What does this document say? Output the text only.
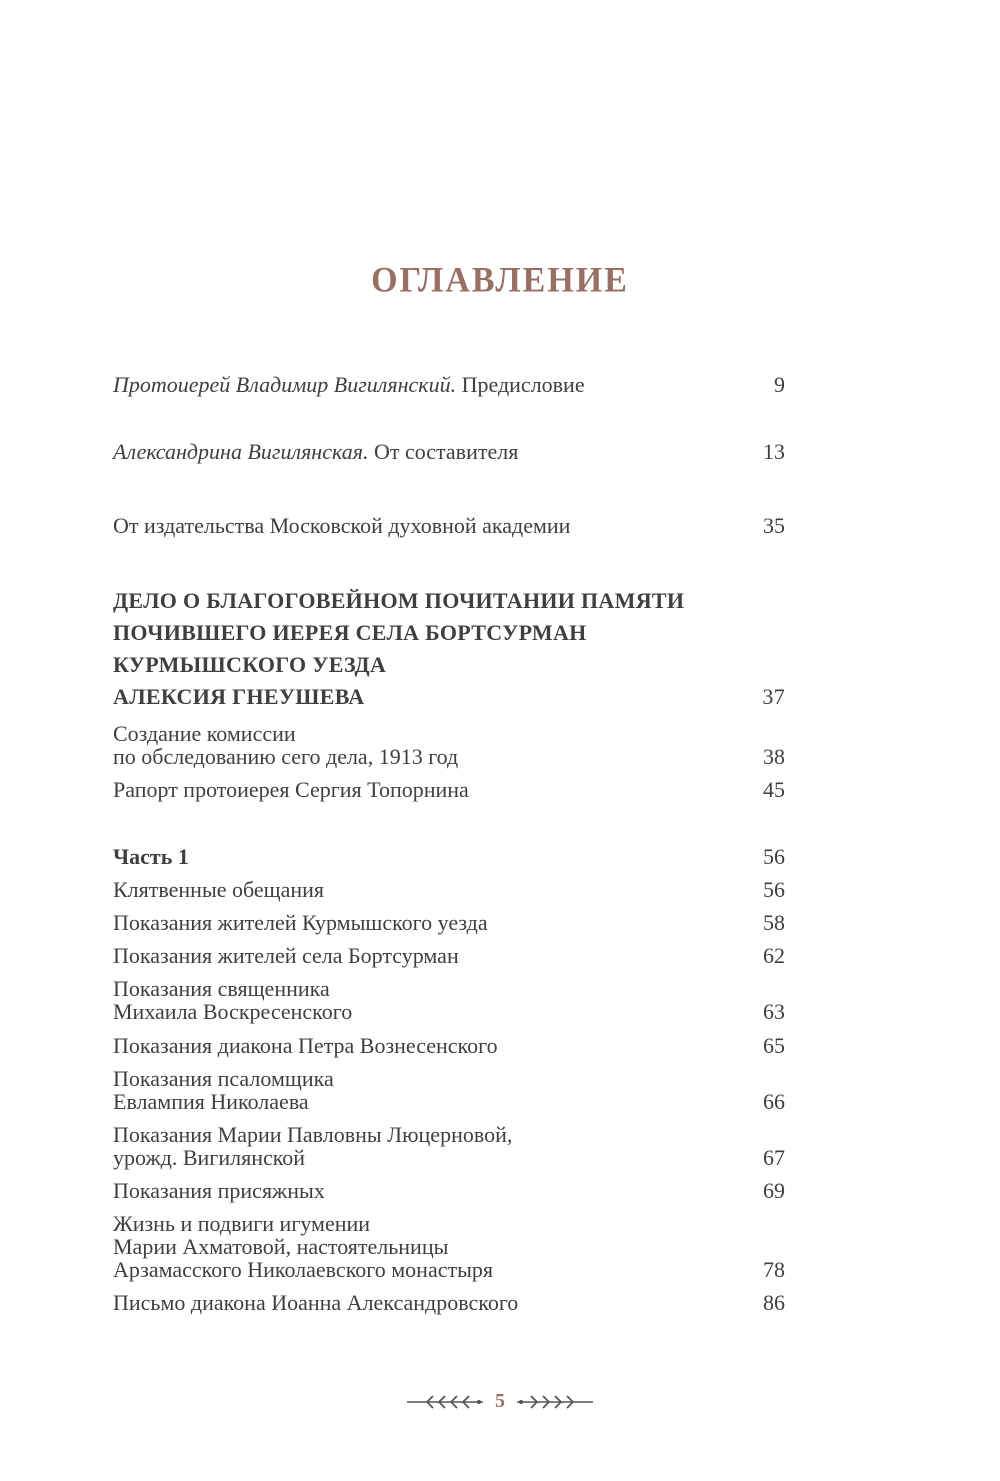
ОГЛАВЛЕНИЕ
Протоиерей Владимир Вигилянский. Предисловие	9
Александрина Вигилянская. От составителя	13
От издательства Московской духовной академии	35
ДЕЛО О БЛАГОГОВЕЙНОМ ПОЧИТАНИИ ПАМЯТИ
ПОЧИВШЕГО ИЕРЕЯ СЕЛА БОРТСУРМАН
КУРМЫШСКОГО УЕЗДА
АЛЕКСИЯ ГНЕУШЕВА	37
Создание комиссии
по обследованию сего дела, 1913 год	38
Рапорт протоиерея Сергия Топорнина	45
Часть 1	56
Клятвенные обещания	56
Показания жителей Курмышского уезда	58
Показания жителей села Бортсурман	62
Показания священника
Михаила Воскресенского	63
Показания диакона Петра Вознесенского	65
Показания псаломщика
Евлампия Николаева	66
Показания Марии Павловны Люцерновой,
урожд. Вигилянской	67
Показания присяжных	69
Жизнь и подвиги игумении
Марии Ахматовой, настоятельницы
Арзамасского Николаевского монастыря	78
Письмо диакона Иоанна Александровского	86
5
